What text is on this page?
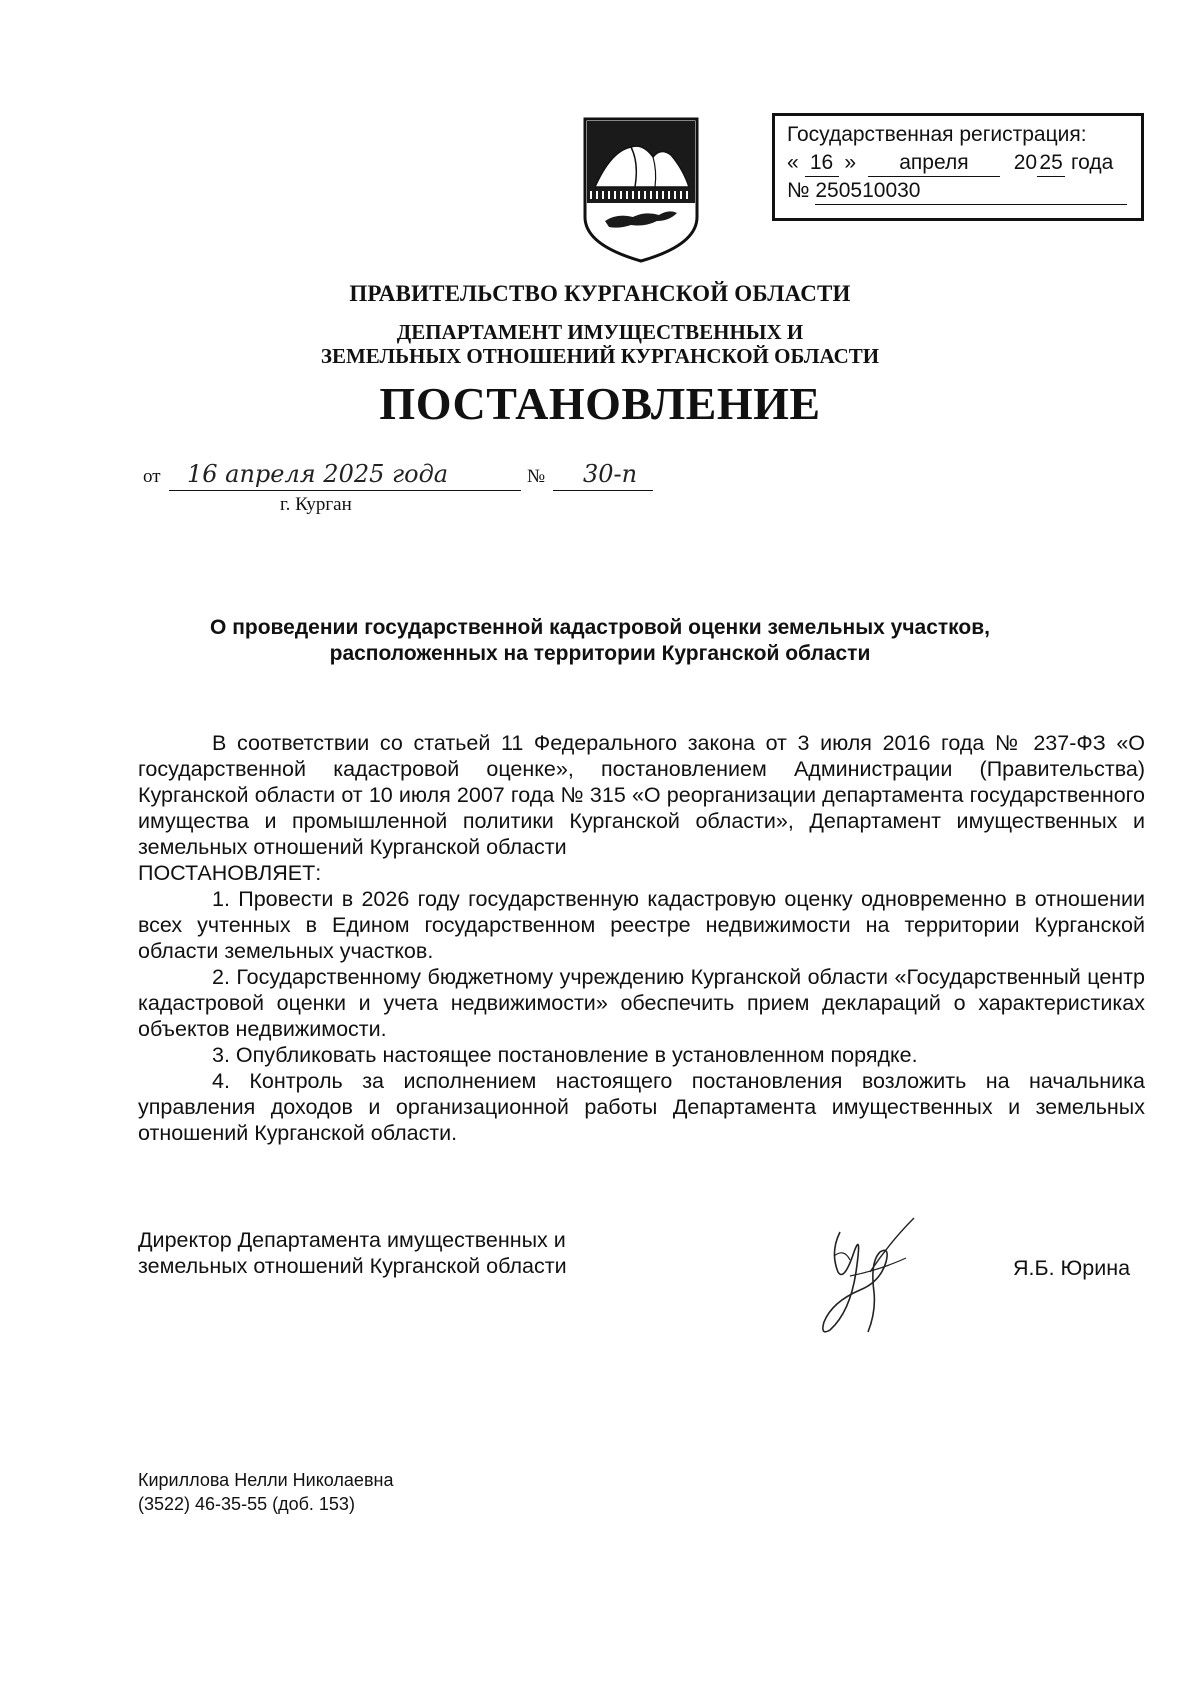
Государственная регистрация:
« 16 » апреля 20 25 года
№ 250510030
ПРАВИТЕЛЬСТВО КУРГАНСКОЙ ОБЛАСТИ
ДЕПАРТАМЕНТ ИМУЩЕСТВЕННЫХ И
ЗЕМЕЛЬНЫХ ОТНОШЕНИЙ КУРГАНСКОЙ ОБЛАСТИ
ПОСТАНОВЛЕНИЕ
от 16 апреля 2025 года	№ 30-п
г. Курган
О проведении государственной кадастровой оценки земельных участков,
расположенных на территории Курганской области

В соответствии со статьей 11 Федерального закона от 3 июля 2016 года № 237-ФЗ «О государственной кадастровой оценке», постановлением Администрации (Правительства) Курганской области от 10 июля 2007 года № 315 «О реорганизации департамента государственного имущества и промышленной политики Курганской области», Департамент имущественных и земельных отношений Курганской области

ПОСТАНОВЛЯЕТ:

1. Провести в 2026 году государственную кадастровую оценку одновременно в отношении всех учтенных в Едином государственном реестре недвижимости на территории Курганской области земельных участков.

2. Государственному бюджетному учреждению Курганской области «Государственный центр кадастровой оценки и учета недвижимости» обеспечить прием деклараций о характеристиках объектов недвижимости.

3. Опубликовать настоящее постановление в установленном порядке.

4. Контроль за исполнением настоящего постановления возложить на начальника управления доходов и организационной работы Департамента имущественных и земельных отношений Курганской области.

Директор Департамента имущественных и
земельных отношений Курганской области	Я.Б. Юрина
Кириллова Нелли Николаевна
(3522) 46-35-55 (доб. 153)
